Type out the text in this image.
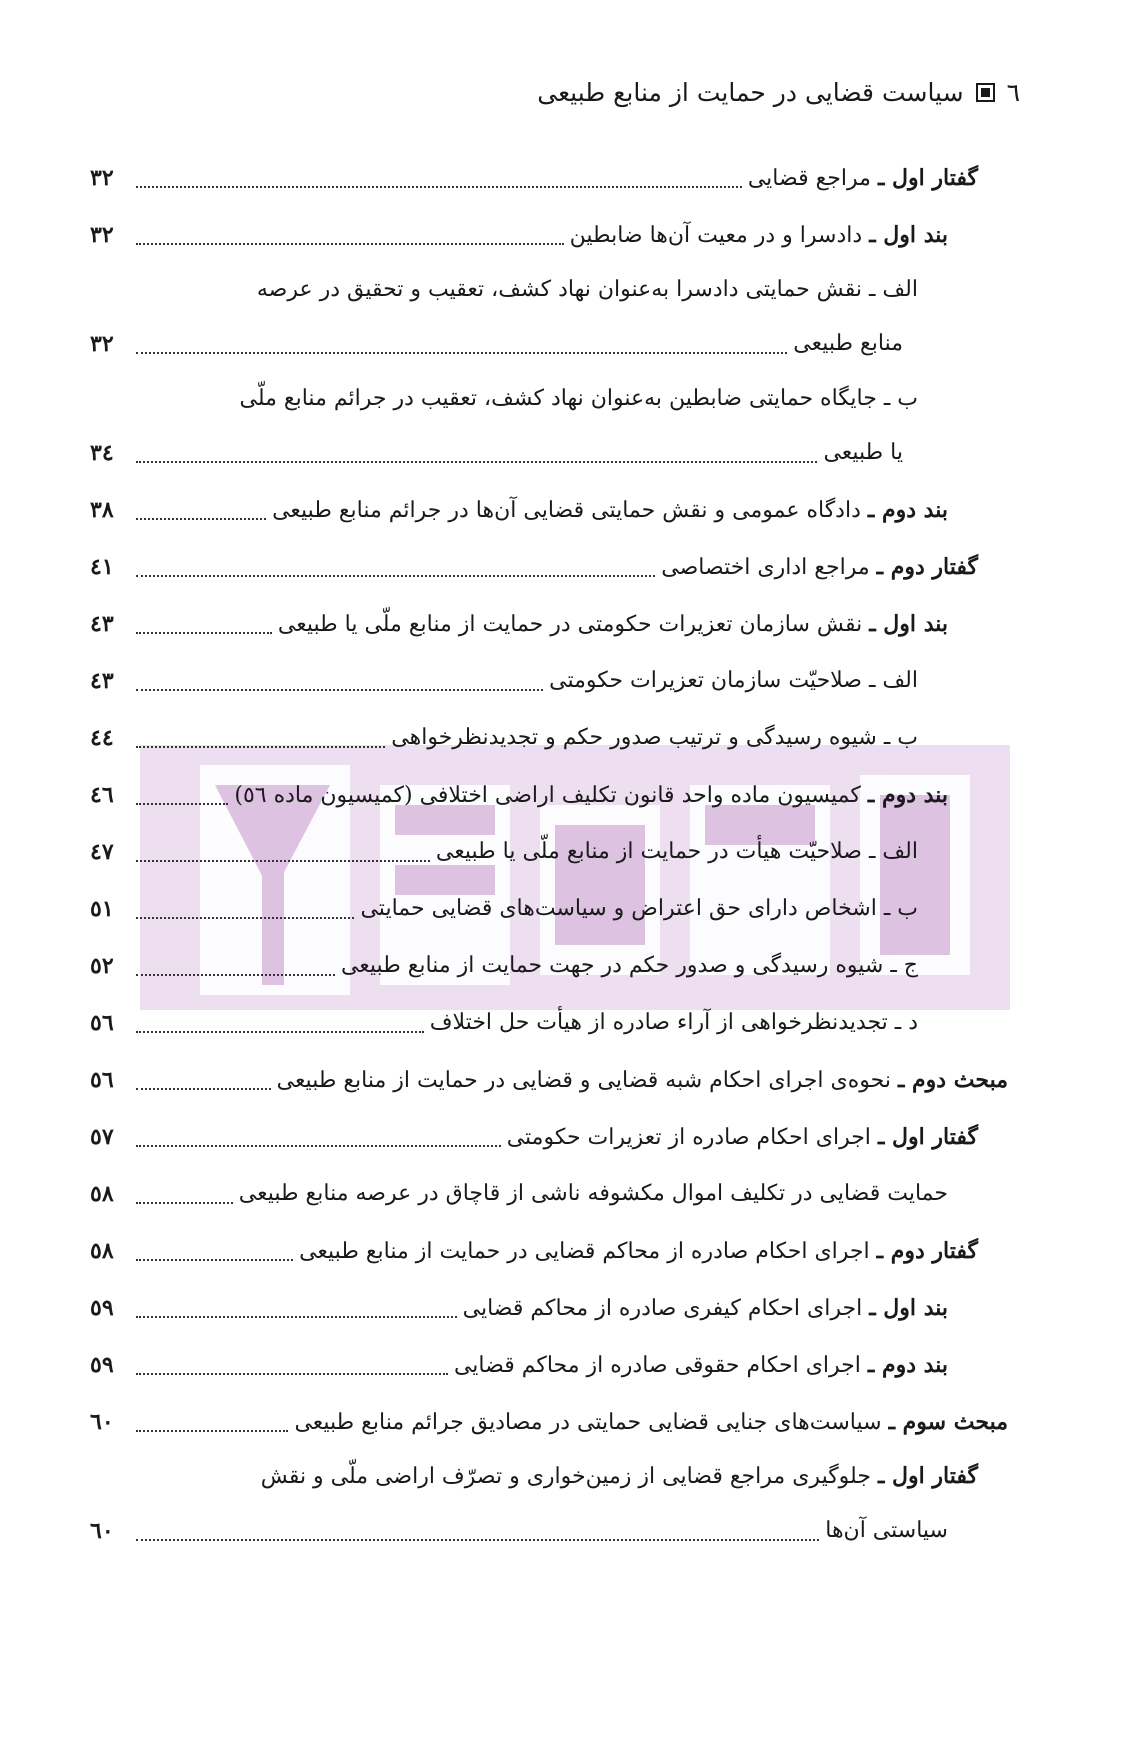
٦
سیاست قضایی در حمایت از منابع طبیعی
گفتار اول ـ مراجع قضایی
۳۲
بند اول ـ دادسرا و در معیت آن‌ها ضابطین
۳۲
الف ـ نقش حمایتی دادسرا به‌عنوان نهاد کشف، تعقیب و تحقیق در عرصه
منابع طبیعی
۳۲
ب ـ جایگاه حمایتی ضابطین به‌عنوان نهاد کشف، تعقیب در جرائم منابع ملّی
یا طبیعی
۳٤
بند دوم ـ دادگاه عمومی و نقش حمایتی قضایی آن‌ها در جرائم منابع طبیعی
۳۸
گفتار دوم ـ مراجع اداری اختصاصی
٤۱
بند اول ـ نقش سازمان تعزیرات حکومتی در حمایت از منابع ملّی یا طبیعی
٤۳
الف ـ صلاحیّت سازمان تعزیرات حکومتی
٤۳
ب ـ شیوه رسیدگی و ترتیب صدور حکم و تجدیدنظرخواهی
٤٤
بند دوم ـ کمیسیون ماده واحد قانون تکلیف اراضی اختلافی (کمیسیون ماده ٥٦)
٤٦
الف ـ صلاحیّت هیأت در حمایت از منابع ملّی یا طبیعی
٤۷
ب ـ اشخاص دارای حق اعتراض و سیاست‌های قضایی حمایتی
٥۱
ج ـ شیوه رسیدگی و صدور حکم در جهت حمایت از منابع طبیعی
٥۲
د ـ تجدیدنظرخواهی از آراء صادره از هیأت حل اختلاف
٥٦
مبحث دوم ـ نحوه‌ی اجرای احکام شبه قضایی و قضایی در حمایت از منابع طبیعی
٥٦
گفتار اول ـ اجرای احکام صادره از تعزیرات حکومتی
٥۷
حمایت قضایی در تکلیف اموال مکشوفه ناشی از قاچاق در عرصه منابع طبیعی
٥۸
گفتار دوم ـ اجرای احکام صادره از محاکم قضایی در حمایت از منابع طبیعی
٥۸
بند اول ـ اجرای احکام کیفری صادره از محاکم قضایی
٥٩
بند دوم ـ اجرای احکام حقوقی صادره از محاکم قضایی
٥٩
مبحث سوم ـ سیاست‌های جنایی قضایی حمایتی در مصادیق جرائم منابع طبیعی
٦۰
گفتار اول ـ جلوگیری مراجع قضایی از زمین‌خواری و تصرّف اراضی ملّی و نقش
سیاستی آن‌ها
٦۰
